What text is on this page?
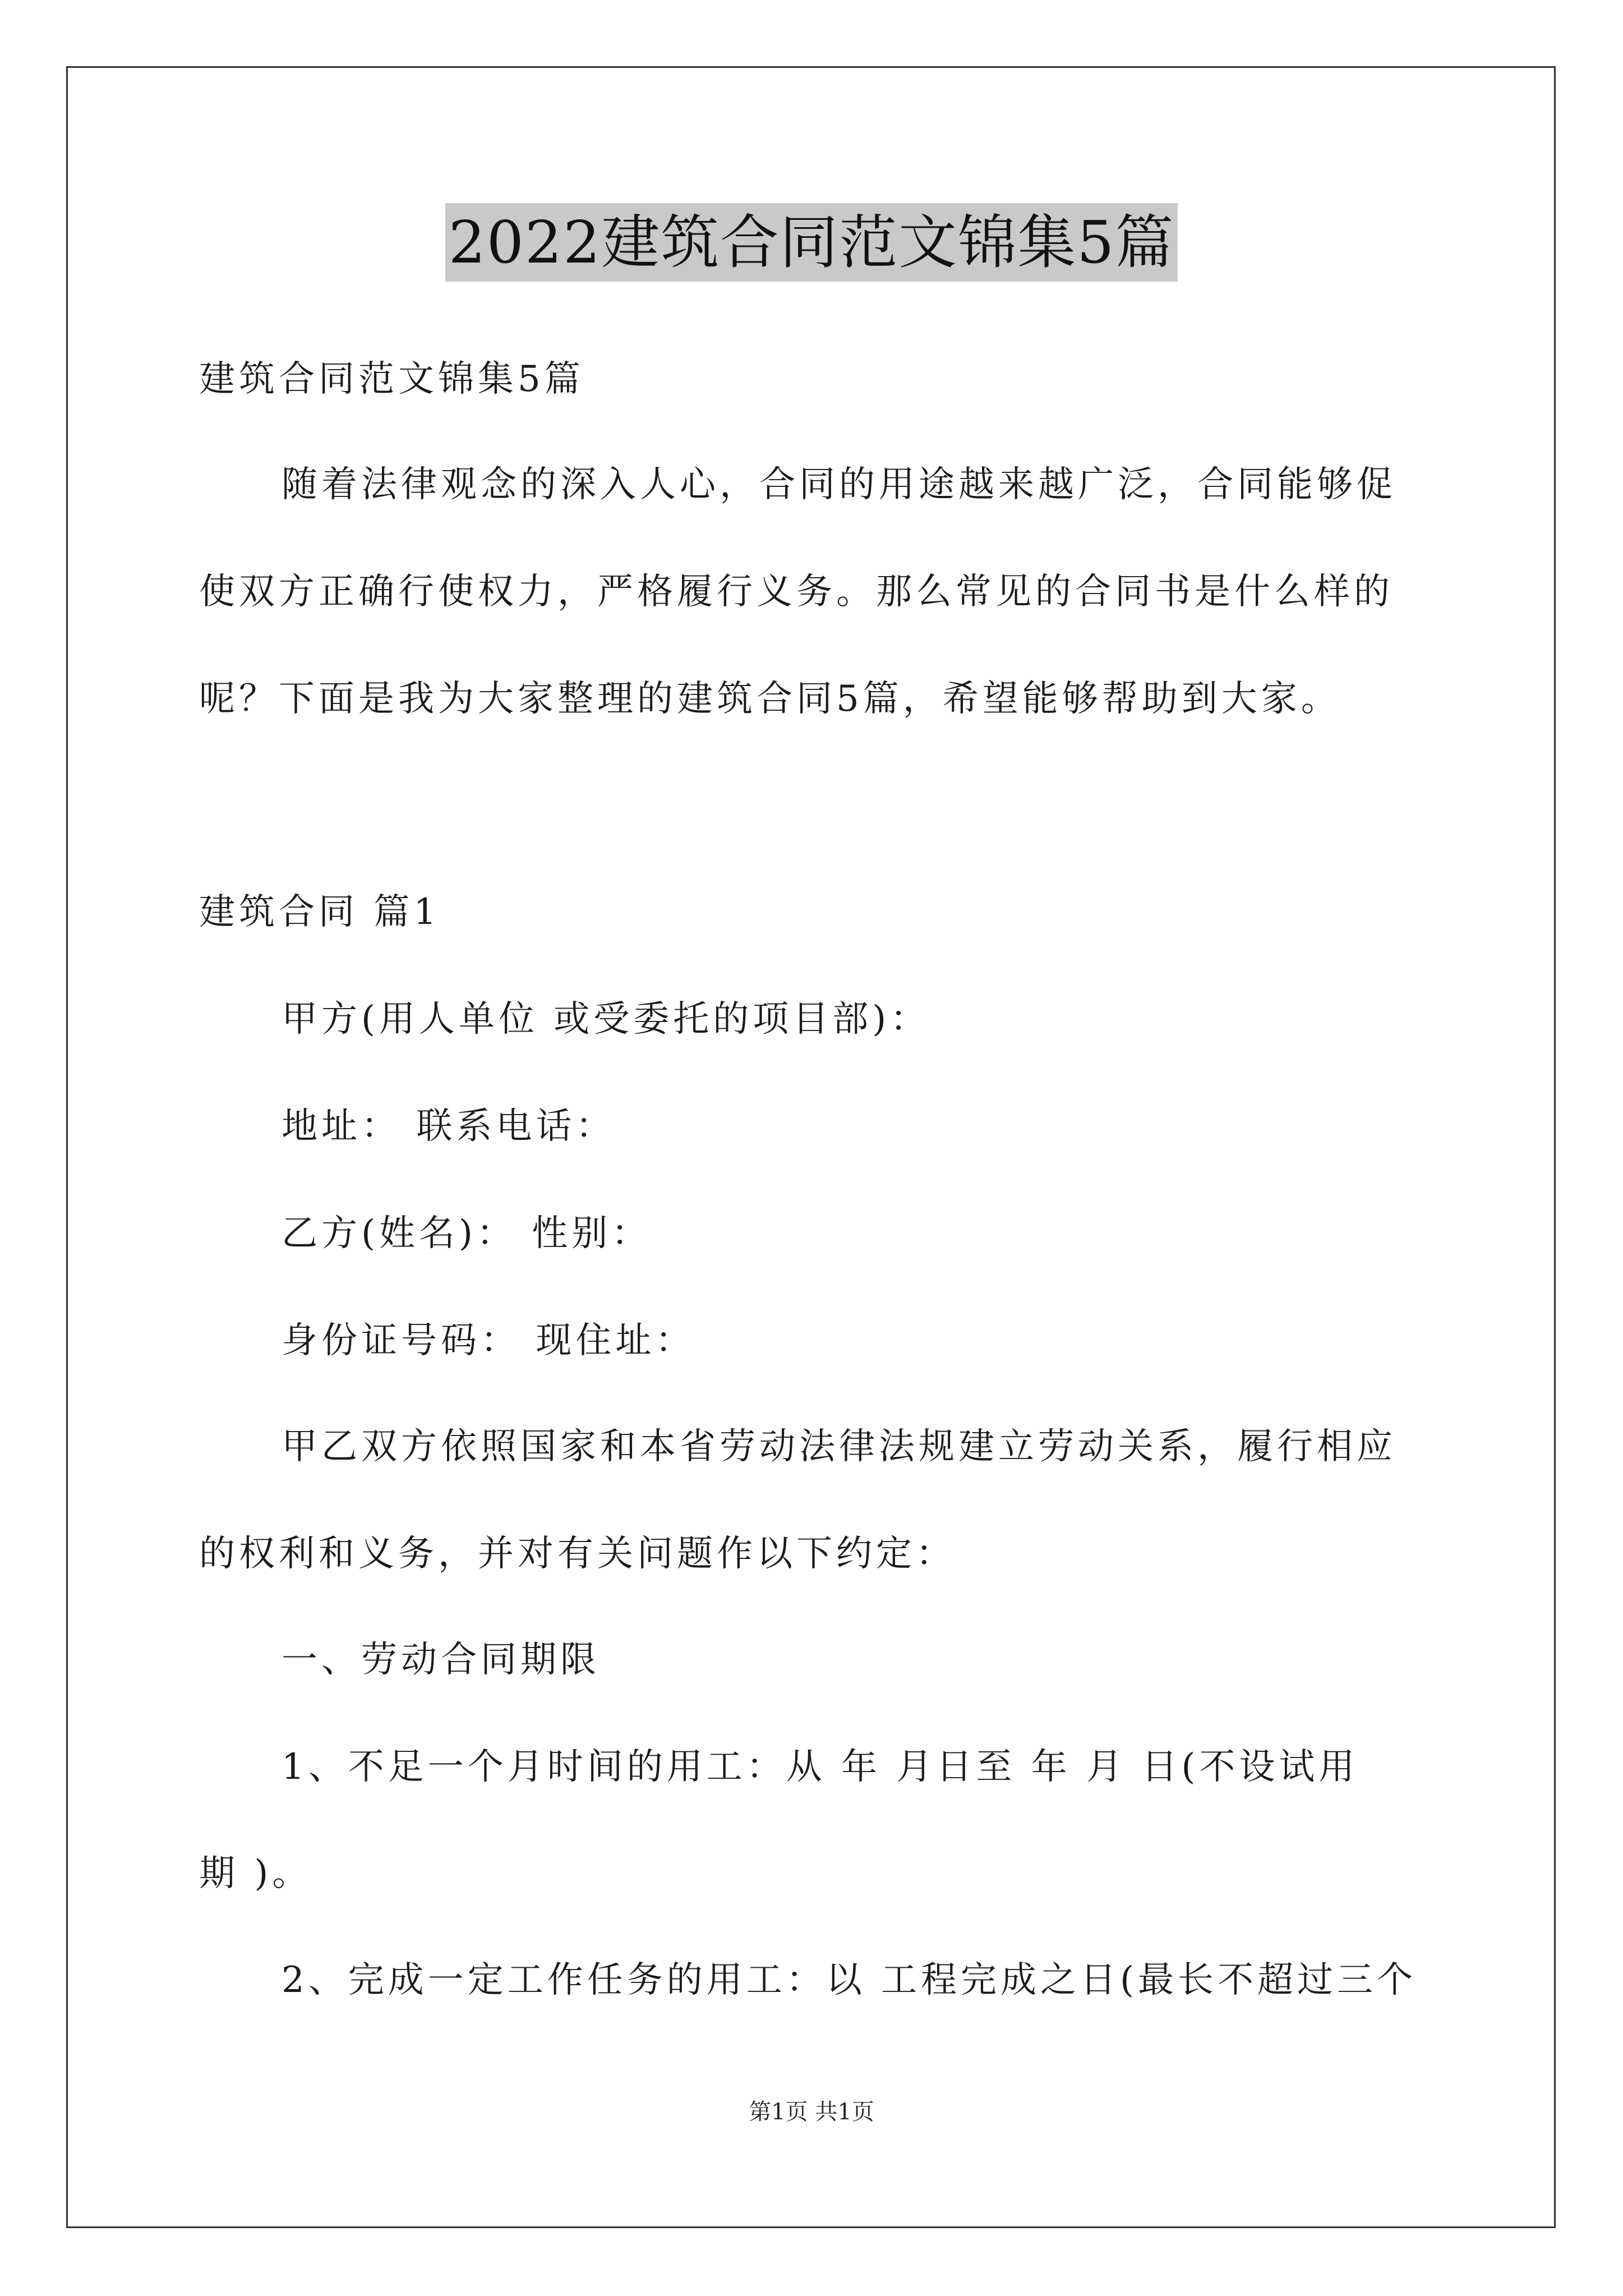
2022建筑合同范文锦集5篇
建筑合同范文锦集5篇
随着法律观念的深入人心，合同的用途越来越广泛，合同能够促
使双方正确行使权力，严格履行义务。那么常见的合同书是什么样的
呢？下面是我为大家整理的建筑合同5篇，希望能够帮助到大家。
建筑合同 篇1
甲方(用人单位 或受委托的项目部)：
地址： 联系电话：
乙方(姓名)： 性别：
身份证号码： 现住址：
甲乙双方依照国家和本省劳动法律法规建立劳动关系，履行相应
的权利和义务，并对有关问题作以下约定：
一、劳动合同期限
1、不足一个月时间的用工：从 年 月日至 年 月 日(不设试用
期 )。
2、完成一定工作任务的用工：以 工程完成之日(最长不超过三个
第1页 共1页
